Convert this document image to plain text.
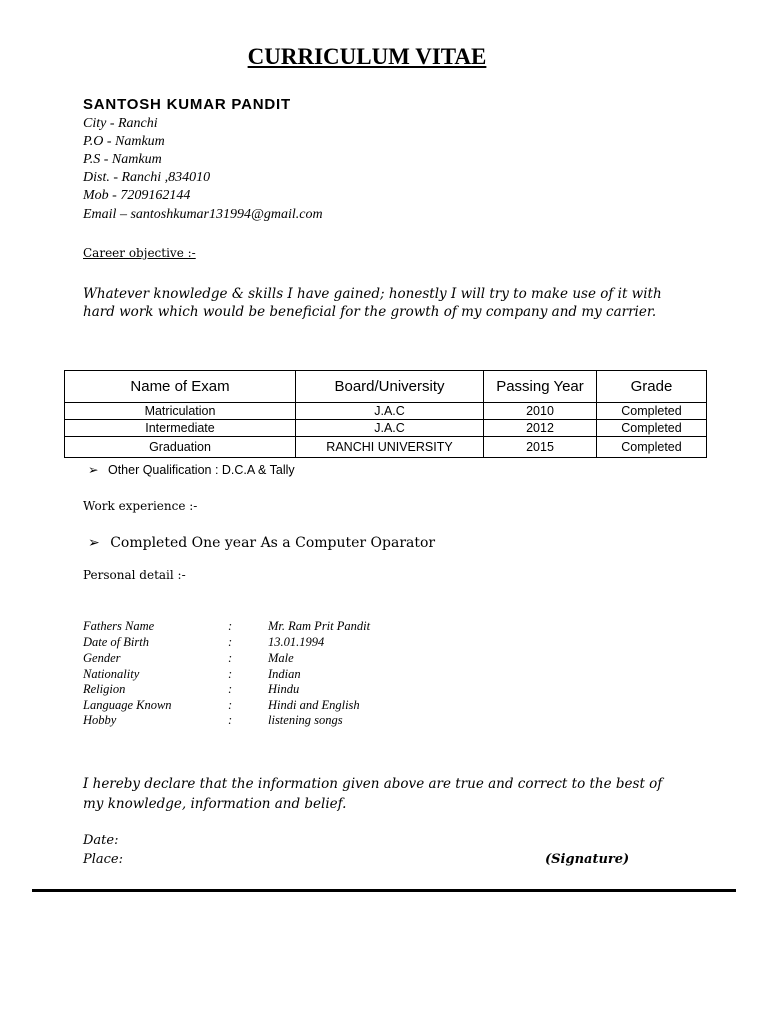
CURRICULUM VITAE
SANTOSH KUMAR PANDIT
City - Ranchi
P.O - Namkum
P.S - Namkum
Dist. - Ranchi ,834010
Mob - 7209162144
Email – santoshkumar131994@gmail.com
Career objective :-
Whatever knowledge & skills I have gained; honestly I will try to make use of it with
hard work which would be beneficial for the growth of my company and my carrier.
Name of Exam	Board/University	Passing Year	Grade
Matriculation	J.A.C	2010	Completed
Intermediate	J.A.C	2012	Completed
Graduation	RANCHI UNIVERSITY	2015	Completed
➢ Other Qualification : D.C.A & Tally
Work experience :-
➢ Completed One year As a Computer Oparator
Personal detail :-
Fathers Name	:	Mr. Ram Prit Pandit
Date of Birth	:	13.01.1994
Gender	:	Male
Nationality	:	Indian
Religion	:	Hindu
Language Known	:	Hindi and English
Hobby	:	listening songs
I hereby declare that the information given above are true and correct to the best of
my knowledge, information and belief.
Date:
Place:	(Signature)
